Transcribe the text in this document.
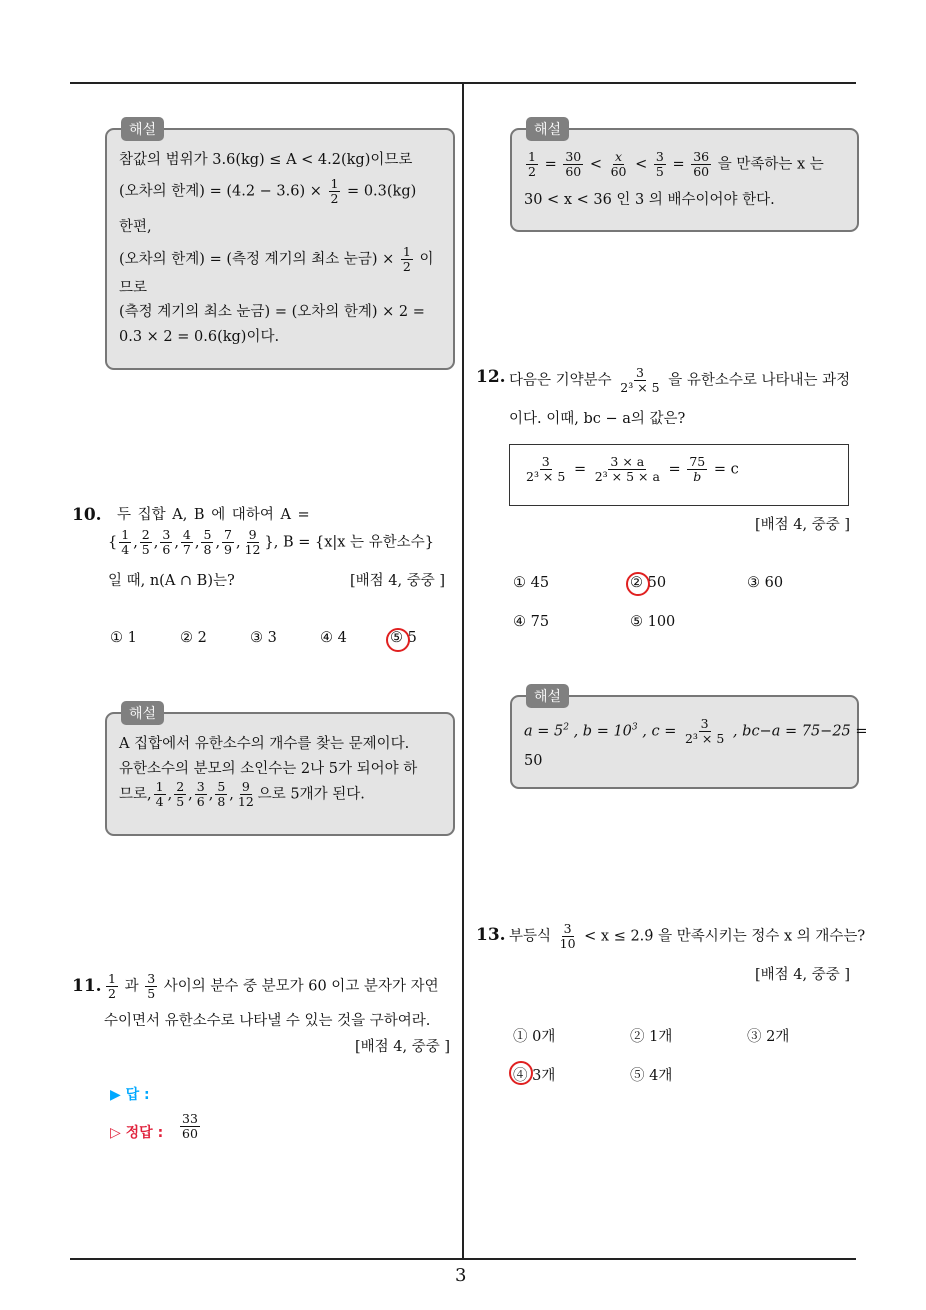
3
해설
참값의 범위가 3.6(kg) ≤ A < 4.2(kg)이므로
(오차의 한계) = $(4.2 - 3.6) \times \frac{1}{2} = 0.3(kg)$
한편,
(오차의 한계) = (측정 계기의 최소 눈금) × $\frac{1}{2}$ 이
므로
(측정 계기의 최소 눈금) = (오차의 한계) × 2 =
0.3 × 2 = 0.6(kg)이다.
10. 두 집합 A, B 에 대하여 A =
{ $\frac{1}{4}$ , $\frac{2}{5}$ , $\frac{3}{6}$ , $\frac{4}{7}$ , $\frac{5}{8}$ , $\frac{7}{9}$ , $\frac{9}{12}$ }, B = {x|x 는 유한소수}
일 때, n(A ∩ B)는?	[배점 4, 중중 ]
① 1	② 2	③ 3	④ 4	⑤ 5
해설
A 집합에서 유한소수의 개수를 찾는 문제이다.
유한소수의 분모의 소인수는 2나 5가 되어야 하
므로, $\frac{1}{4}$ , $\frac{2}{5}$ , $\frac{3}{6}$ , $\frac{5}{8}$ , $\frac{9}{12}$ 으로 5개가 된다.
11. $\frac{1}{2}$ 과 $\frac{3}{5}$ 사이의 분수 중 분모가 60 이고 분자가 자연
수이면서 유한소수로 나타낼 수 있는 것을 구하여라.
[배점 4, 중중 ]
▶ 답 :
▷ 정답 : $\frac{33}{60}$
해설
$\frac{1}{2} = \frac{30}{60} < \frac{x}{60} < \frac{3}{5} = \frac{36}{60}$ 을 만족하는 x 는
30 < x < 36 인 3 의 배수이어야 한다.
12. 다음은 기약분수 $\frac{3}{\text{2³ × 5}}$ 을 유한소수로 나타내는 과정
이다. 이때, bc − a의 값은?
$\frac{3}{\text{2³ × 5}} = \frac{3 \times a}{\text{2³ × 5 × a}} = \frac{75}{b} = c$
[배점 4, 중중 ]
① 45	② 50	③ 60
④ 75	⑤ 100
해설
$a = 5^2$ , $b = 10^3$ , $c = \frac{3}{\text{2³ × 5}}$ , bc−a = 75−25 =
50
13. 부등식 $\frac{3}{10} < x$ ≤ 2.9̇ 을 만족시키는 정수 x 의 개수는?
[배점 4, 중중 ]
① 0개	② 1개	③ 2개
④ 3개	⑤ 4개
